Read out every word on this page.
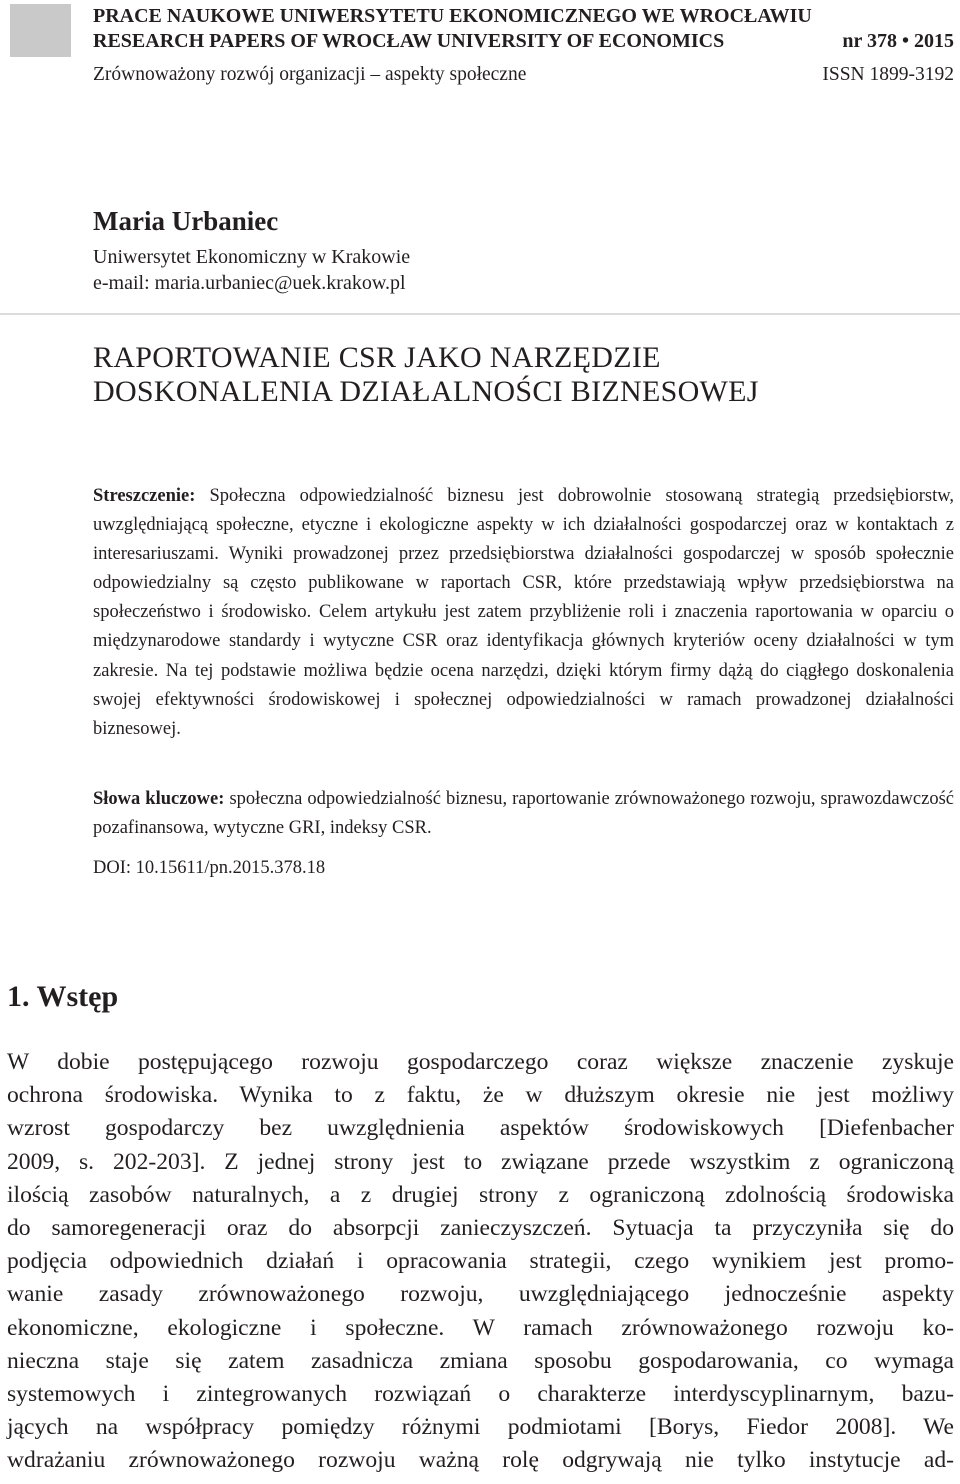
PRACE NAUKOWE UNIWERSYTETU EKONOMICZNEGO WE WROCŁAWIU
RESEARCH PAPERS OF WROCŁAW UNIVERSITY OF ECONOMICS	nr 378 • 2015
Zrównoważony rozwój organizacji – aspekty społeczne	ISSN 1899-3192
Maria Urbaniec
Uniwersytet Ekonomiczny w Krakowie
e-mail: maria.urbaniec@uek.krakow.pl
RAPORTOWANIE CSR JAKO NARZĘDZIE
DOSKONALENIA DZIAŁALNOŚCI BIZNESOWEJ
Streszczenie: Społeczna odpowiedzialność biznesu jest dobrowolnie stosowaną strategią przedsiębiorstw, uwzględniającą społeczne, etyczne i ekologiczne aspekty w ich działalności gospodarczej oraz w kontaktach z interesariuszami. Wyniki prowadzonej przez przedsiębiorstwa działalności gospodarczej w sposób społecznie odpowiedzialny są często publikowane w raportach CSR, które przedstawiają wpływ przedsiębiorstwa na społeczeństwo i środowisko. Celem artykułu jest zatem przybliżenie roli i znaczenia raportowania w oparciu o międzynarodowe standardy i wytyczne CSR oraz identyfikacja głównych kryteriów oceny działalności w tym zakresie. Na tej podstawie możliwa będzie ocena narzędzi, dzięki którym firmy dążą do ciągłego doskonalenia swojej efektywności środowiskowej i społecznej odpowiedzialności w ramach prowadzonej działalności biznesowej.
Słowa kluczowe: społeczna odpowiedzialność biznesu, raportowanie zrównoważonego rozwoju, sprawozdawczość pozafinansowa, wytyczne GRI, indeksy CSR.
DOI: 10.15611/pn.2015.378.18
1. Wstęp
W dobie postępującego rozwoju gospodarczego coraz większe znaczenie zyskuje
ochrona środowiska. Wynika to z faktu, że w dłuższym okresie nie jest możliwy
wzrost gospodarczy bez uwzględnienia aspektów środowiskowych [Diefenbacher
2009, s. 202-203]. Z jednej strony jest to związane przede wszystkim z ograniczoną
ilością zasobów naturalnych, a z drugiej strony z ograniczoną zdolnością środowiska
do samoregeneracji oraz do absorpcji zanieczyszczeń. Sytuacja ta przyczyniła się do
podjęcia odpowiednich działań i opracowania strategii, czego wynikiem jest promo-
wanie zasady zrównoważonego rozwoju, uwzględniającego jednocześnie aspekty
ekonomiczne, ekologiczne i społeczne. W ramach zrównoważonego rozwoju ko-
nieczna staje się zatem zasadnicza zmiana sposobu gospodarowania, co wymaga
systemowych i zintegrowanych rozwiązań o charakterze interdyscyplinarnym, bazu-
jących na współpracy pomiędzy różnymi podmiotami [Borys, Fiedor 2008]. We
wdrażaniu zrównoważonego rozwoju ważną rolę odgrywają nie tylko instytucje ad-
